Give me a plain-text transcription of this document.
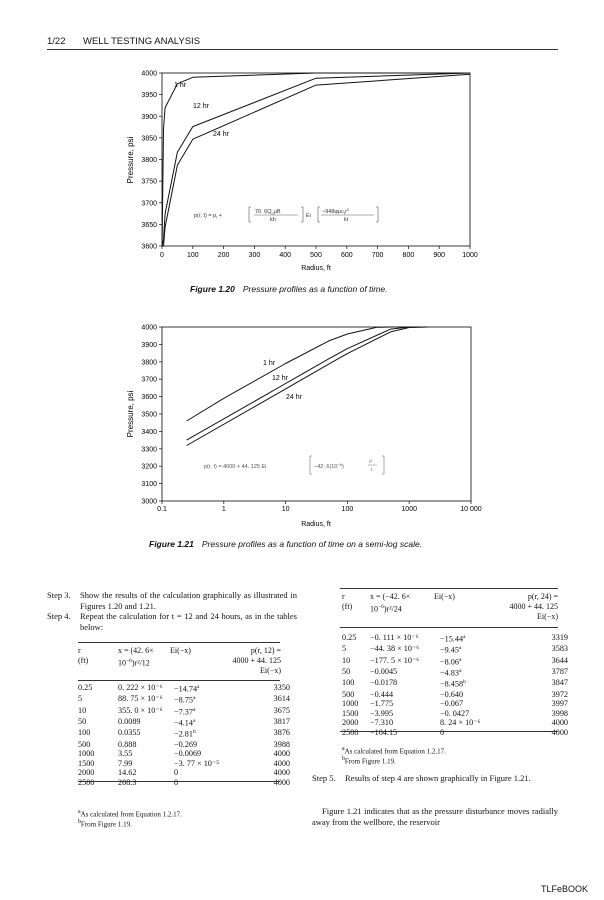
1/22 WELL TESTING ANALYSIS
3600
3650
3700
3750
3800
3850
3900
3950
4000
0	100	200	300	400	500	600	700	800	900 1000
Pressure, psi
Radius, ft
1 hr
12 hr
24 hr
p(r, $t) = p_i$ +
70. $6Q_o\mu B$
kh
Ei
$-948\varphi\mu c_tr^2$
kt
Figure 1.20 Pressure profiles as a function of time.
3000
3100
3200
3300
3400
3500
3600
3700
3800
3900
4000
0.1	1	10	100	1000	10 000
Pressure, psi
Radius, ft
1 hr
12 hr
24 hr
p(r, t) = 4000 + 44. 125 Ei	−42. $6(10^{-6})$
r²
t
Figure 1.21 Pressure profiles as a function of time on a semi-log scale.
Step 3. Show the results of the calculation graphically as illustrated in Figures 1.20 and 1.21.
Step 4. Repeat the calculation for t = 12 and 24 hours, as in the tables below:
r (ft)
x = (42. 6×
$10^{-6})r^2/12$
Ei(−x)	p(r, 12) =
4000 + 44. 125
Ei(−x)
0.25	0. 222 × 10⁻⁶	−14.74$^a$	3350
5	88. 75 × 10⁻⁶	−8.75$^a$	3614
10	355. 0 × 10⁻⁶	−7.37$^a$	3675
50	0.0089	−4.14$^a$	3817
100	0.0355	−2.81$^b$	3876
500	0.888	−0.269	3988
1000	3.55	−0.0069	4000
1500	7.99	−3. 77 × 10⁻⁵	4000
2000	14.62	0	4000
2500	208.3	0	4000
$^a$As calculated from Equation 1.2.17.
$^b$From Figure 1.19.
r (ft)
x = (−42. 6×
$10^{-6})r^2/24$
Ei(−x)	p(r, 24) =
4000 + 44. 125
Ei(−x)
0.25	−0. 111 × 10⁻⁶	−15.44$^a$	3319
5	−44. 38 × 10⁻⁶	−9.45$^a$	3583
10	−177. 5 × 10⁻⁶	−8.06$^a$	3644
50	−0.0045	−4.83$^a$	3787
100	−0.0178	−8.458$^b$	3847
500	−0.444	−0.640	3972
1000	−1.775	−0.067	3997
1500	−3.995	−0. 0427	3998
2000	−7.310	8. 24 × 10⁻⁶	4000
2500	−104.15	0	4000
$^a$As calculated from Equation 1.2.17.
$^b$From Figure 1.19.
Step 5. Results of step 4 are shown graphically in Figure 1.21.
Figure 1.21 indicates that as the pressure disturbance moves radially away from the wellbore, the reservoir
TLFeBOOK
